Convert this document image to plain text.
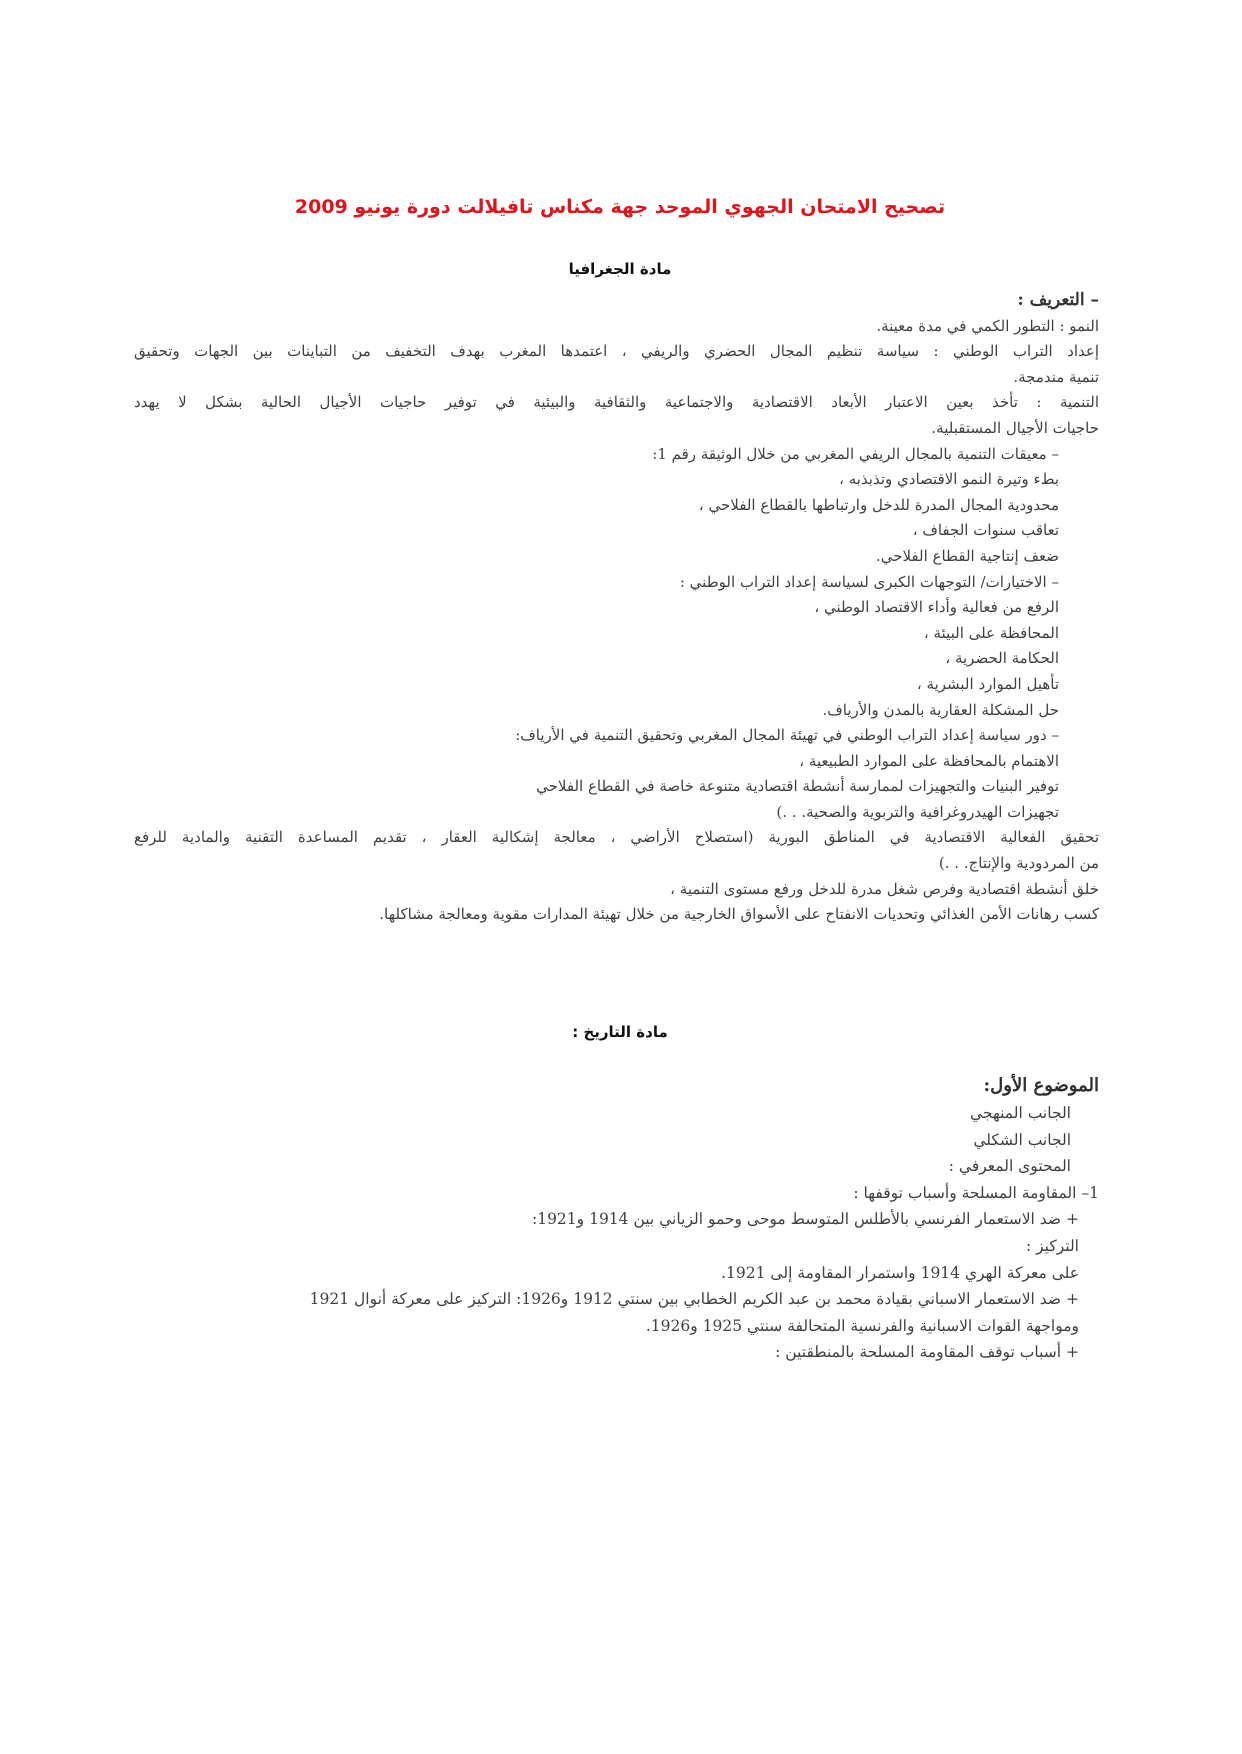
تصحيح الامتحان الجهوي الموحد جهة مكناس تافيلالت دورة يونيو 2009
مادة الجغرافيا
– التعريف :
النمو : التطور الكمي في مدة معينة.
إعداد التراب الوطني : سياسة تنظيم المجال الحضري والريفي ، اعتمدها المغرب بهدف التخفيف من التباينات بين الجهات وتحقيق
تنمية مندمجة.
التنمية : تأخذ بعين الاعتبار الأبعاد الاقتصادية والاجتماعية والثقافية والبيئية في توفير حاجيات الأجيال الحالية بشكل لا يهدد
حاجيات الأجيال المستقبلية.
– معيقات التنمية بالمجال الريفي المغربي من خلال الوثيقة رقم 1:
بطء وتيرة النمو الاقتصادي وتذبذبه ،
محدودية المجال المدرة للدخل وارتباطها بالقطاع الفلاحي ،
تعاقب سنوات الجفاف ،
ضعف إنتاجية القطاع الفلاحي.
– الاختيارات/ التوجهات الكبرى لسياسة إعداد التراب الوطني :
الرفع من فعالية وأداء الاقتصاد الوطني ،
المحافظة على البيئة ،
الحكامة الحضرية ،
تأهيل الموارد البشرية ،
حل المشكلة العقارية بالمدن والأرياف.
– دور سياسة إعداد التراب الوطني في تهيئة المجال المغربي وتحقيق التنمية في الأرياف:
الاهتمام بالمحافظة على الموارد الطبيعية ،
توفير البنيات والتجهيزات لممارسة أنشطة اقتصادية متنوعة خاصة في القطاع الفلاحي
تجهيزات الهيدروغرافية والتربوية والصحية. . .)
تحقيق الفعالية الاقتصادية في المناطق البورية (استصلاح الأراضي ، معالجة إشكالية العقار ، تقديم المساعدة التقنية والمادية للرفع
من المردودية والإنتاج. . .)
خلق أنشطة اقتصادية وفرص شغل مدرة للدخل ورفع مستوى التنمية ،
كسب رهانات الأمن الغذائي وتحديات الانفتاح على الأسواق الخارجية من خلال تهيئة المدارات مقوية ومعالجة مشاكلها.
مادة التاريخ :
الموضوع الأول:
الجانب المنهجي
الجانب الشكلي
المحتوى المعرفي :
1– المقاومة المسلحة وأسباب توقفها :
+ ضد الاستعمار الفرنسي بالأطلس المتوسط موحى وحمو الزياني بين 1914 و1921:
التركيز :
على معركة الهري 1914 واستمرار المقاومة إلى 1921.
+ ضد الاستعمار الاسباني بقيادة محمد بن عبد الكريم الخطابي بين سنتي 1912 و1926: التركيز على معركة أنوال 1921
ومواجهة القوات الاسبانية والفرنسية المتحالفة سنتي 1925 و1926.
+ أسباب توقف المقاومة المسلحة بالمنطقتين :
